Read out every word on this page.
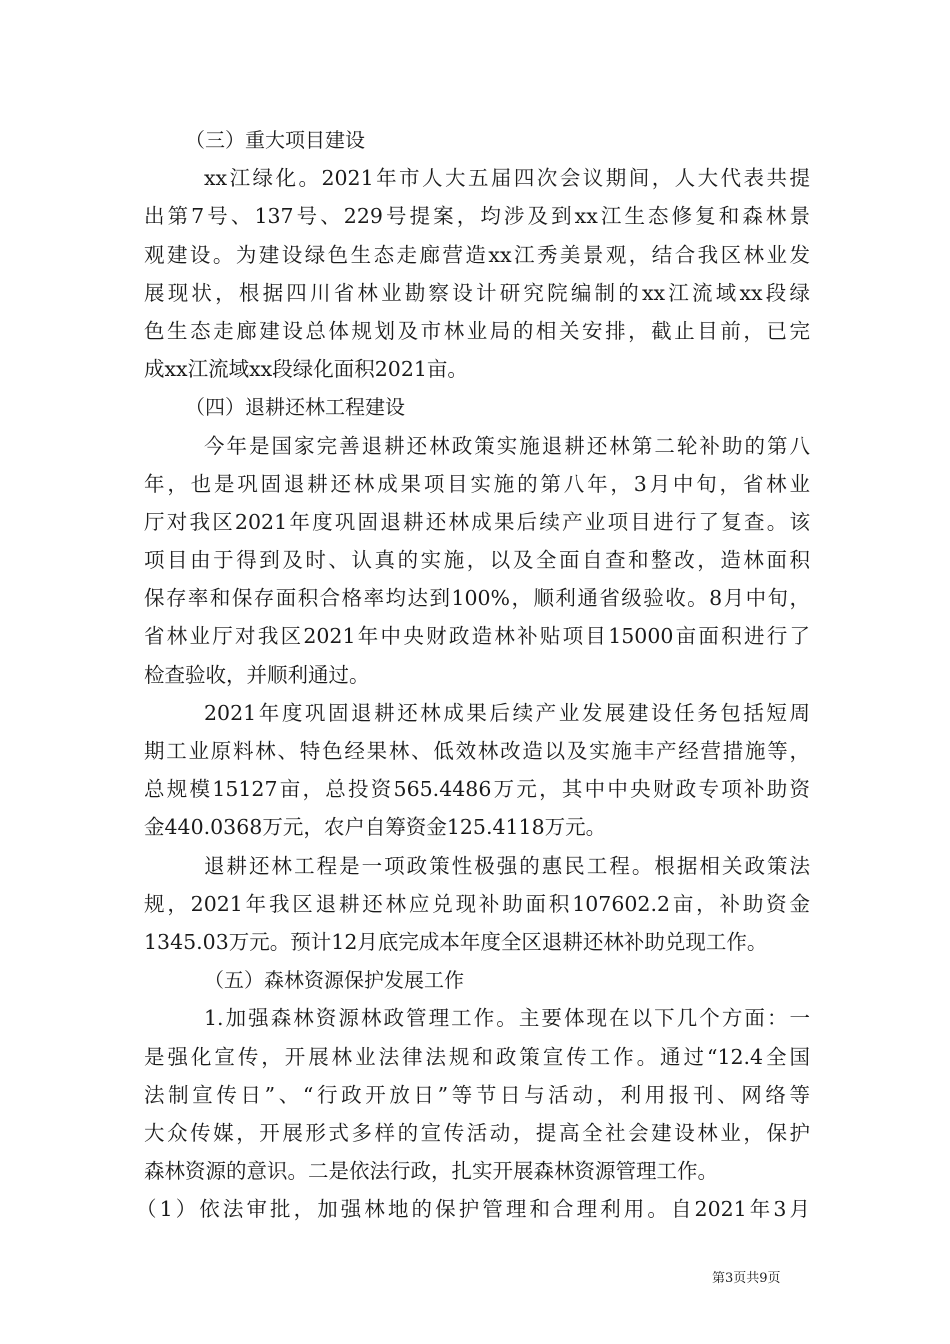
（三）重大项目建设
xx江绿化。2021年市人大五届四次会议期间，人大代表共提
出第7号、137号、229号提案，均涉及到xx江生态修复和森林景
观建设。为建设绿色生态走廊营造xx江秀美景观，结合我区林业发
展现状，根据四川省林业勘察设计研究院编制的xx江流域xx段绿
色生态走廊建设总体规划及市林业局的相关安排，截止目前，已完
成xx江流域xx段绿化面积2021亩。
（四）退耕还林工程建设
今年是国家完善退耕还林政策实施退耕还林第二轮补助的第八
年，也是巩固退耕还林成果项目实施的第八年，3月中旬，省林业
厅对我区2021年度巩固退耕还林成果后续产业项目进行了复查。该
项目由于得到及时、认真的实施，以及全面自查和整改，造林面积
保存率和保存面积合格率均达到100%，顺利通省级验收。8月中旬，
省林业厅对我区2021年中央财政造林补贴项目15000亩面积进行了
检查验收，并顺利通过。
2021年度巩固退耕还林成果后续产业发展建设任务包括短周
期工业原料林、特色经果林、低效林改造以及实施丰产经营措施等，
总规模15127亩，总投资565.4486万元，其中中央财政专项补助资
金440.0368万元，农户自筹资金125.4118万元。
退耕还林工程是一项政策性极强的惠民工程。根据相关政策法
规，2021年我区退耕还林应兑现补助面积107602.2亩，补助资金
1345.03万元。预计12月底完成本年度全区退耕还林补助兑现工作。
（五）森林资源保护发展工作
1.加强森林资源林政管理工作。主要体现在以下几个方面：一
是强化宣传，开展林业法律法规和政策宣传工作。通过“12.4全国
法制宣传日”、“行政开放日”等节日与活动，利用报刊、网络等
大众传媒，开展形式多样的宣传活动，提高全社会建设林业，保护
森林资源的意识。二是依法行政，扎实开展森林资源管理工作。
（1）依法审批，加强林地的保护管理和合理利用。自2021年3月
第3页共9页
